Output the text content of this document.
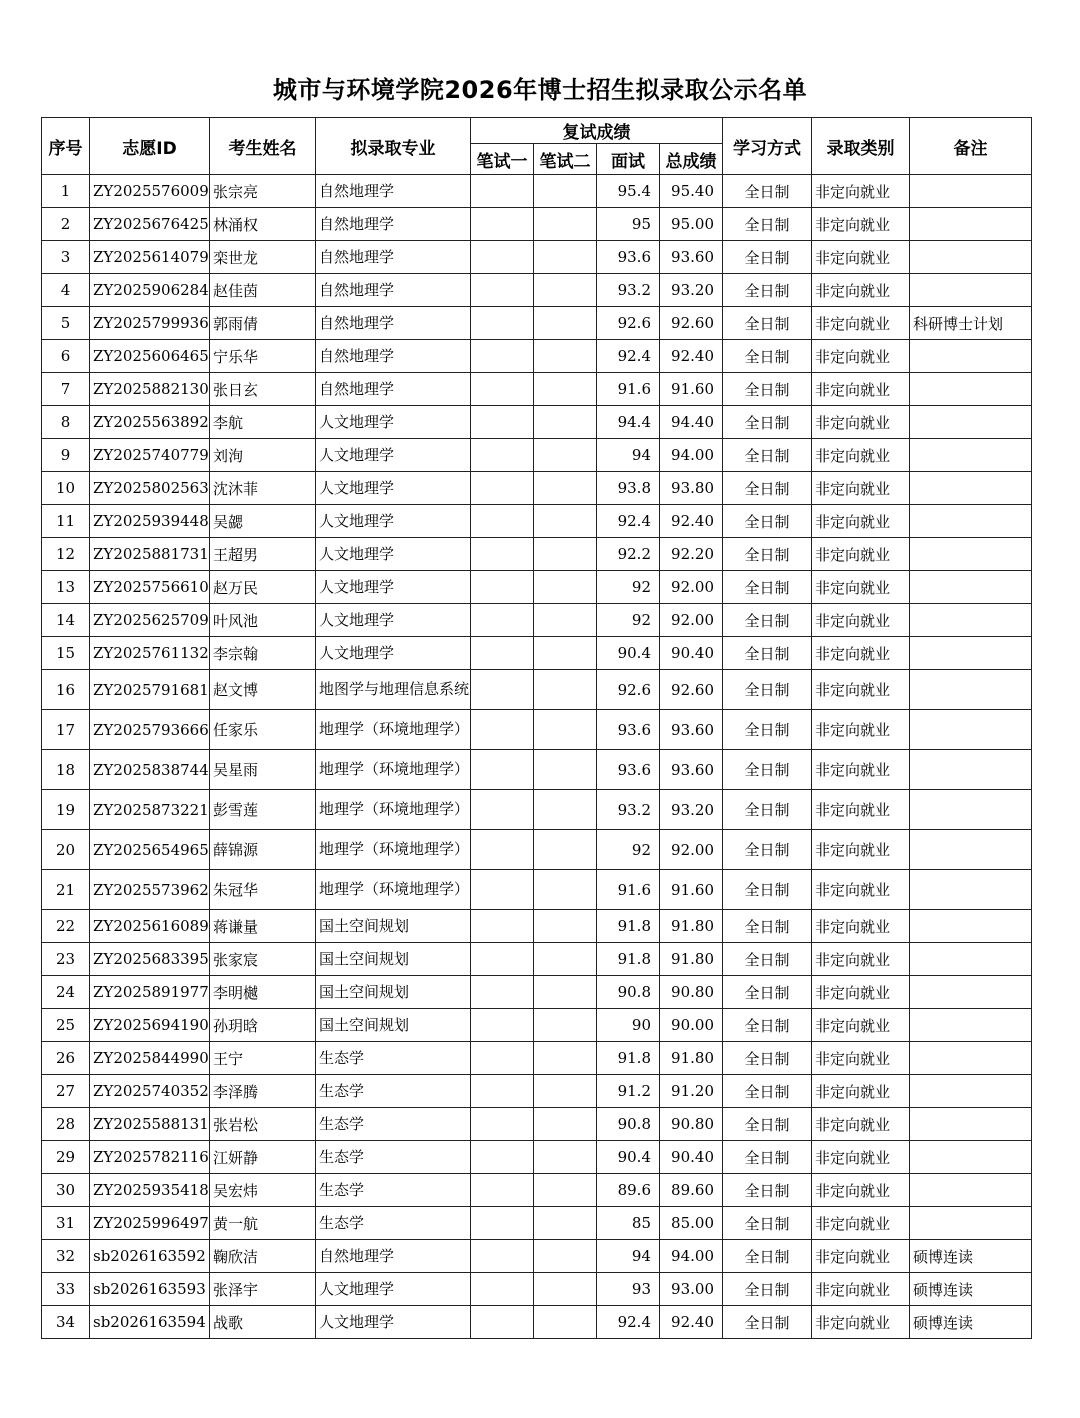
城市与环境学院2026年博士招生拟录取公示名单
序号	志愿ID	考生姓名	拟录取专业	复试成绩				学习方式	录取类别	备注
				笔试一	笔试二	面试	总成绩			
1	ZY2025576009	张宗亮	自然地理学			95.4	95.40	全日制	非定向就业	
2	ZY2025676425	林涌权	自然地理学			95	95.00	全日制	非定向就业	
3	ZY2025614079	栾世龙	自然地理学			93.6	93.60	全日制	非定向就业	
4	ZY2025906284	赵佳茵	自然地理学			93.2	93.20	全日制	非定向就业	
5	ZY2025799936	郭雨倩	自然地理学			92.6	92.60	全日制	非定向就业	科研博士计划
6	ZY2025606465	宁乐华	自然地理学			92.4	92.40	全日制	非定向就业	
7	ZY2025882130	张日玄	自然地理学			91.6	91.60	全日制	非定向就业	
8	ZY2025563892	李航	人文地理学			94.4	94.40	全日制	非定向就业	
9	ZY2025740779	刘洵	人文地理学			94	94.00	全日制	非定向就业	
10	ZY2025802563	沈沐菲	人文地理学			93.8	93.80	全日制	非定向就业	
11	ZY2025939448	吴勰	人文地理学			92.4	92.40	全日制	非定向就业	
12	ZY2025881731	王超男	人文地理学			92.2	92.20	全日制	非定向就业	
13	ZY2025756610	赵万民	人文地理学			92	92.00	全日制	非定向就业	
14	ZY2025625709	叶风池	人文地理学			92	92.00	全日制	非定向就业	
15	ZY2025761132	李宗翰	人文地理学			90.4	90.40	全日制	非定向就业	
16	ZY2025791681	赵文博	地图学与地理信息系统			92.6	92.60	全日制	非定向就业	
17	ZY2025793666	任家乐	地理学（环境地理学）			93.6	93.60	全日制	非定向就业	
18	ZY2025838744	吴星雨	地理学（环境地理学）			93.6	93.60	全日制	非定向就业	
19	ZY2025873221	彭雪莲	地理学（环境地理学）			93.2	93.20	全日制	非定向就业	
20	ZY2025654965	薛锦源	地理学（环境地理学）			92	92.00	全日制	非定向就业	
21	ZY2025573962	朱冠华	地理学（环境地理学）			91.6	91.60	全日制	非定向就业	
22	ZY2025616089	蒋谦量	国土空间规划			91.8	91.80	全日制	非定向就业	
23	ZY2025683395	张家宸	国土空间规划			91.8	91.80	全日制	非定向就业	
24	ZY2025891977	李明樾	国土空间规划			90.8	90.80	全日制	非定向就业	
25	ZY2025694190	孙玥晗	国土空间规划			90	90.00	全日制	非定向就业	
26	ZY2025844990	王宁	生态学			91.8	91.80	全日制	非定向就业	
27	ZY2025740352	李泽腾	生态学			91.2	91.20	全日制	非定向就业	
28	ZY2025588131	张岩松	生态学			90.8	90.80	全日制	非定向就业	
29	ZY2025782116	江妍静	生态学			90.4	90.40	全日制	非定向就业	
30	ZY2025935418	吴宏炜	生态学			89.6	89.60	全日制	非定向就业	
31	ZY2025996497	黄一航	生态学			85	85.00	全日制	非定向就业	
32	sb2026163592	鞠欣洁	自然地理学			94	94.00	全日制	非定向就业	硕博连读
33	sb2026163593	张泽宇	人文地理学			93	93.00	全日制	非定向就业	硕博连读
34	sb2026163594	战歌	人文地理学			92.4	92.40	全日制	非定向就业	硕博连读
